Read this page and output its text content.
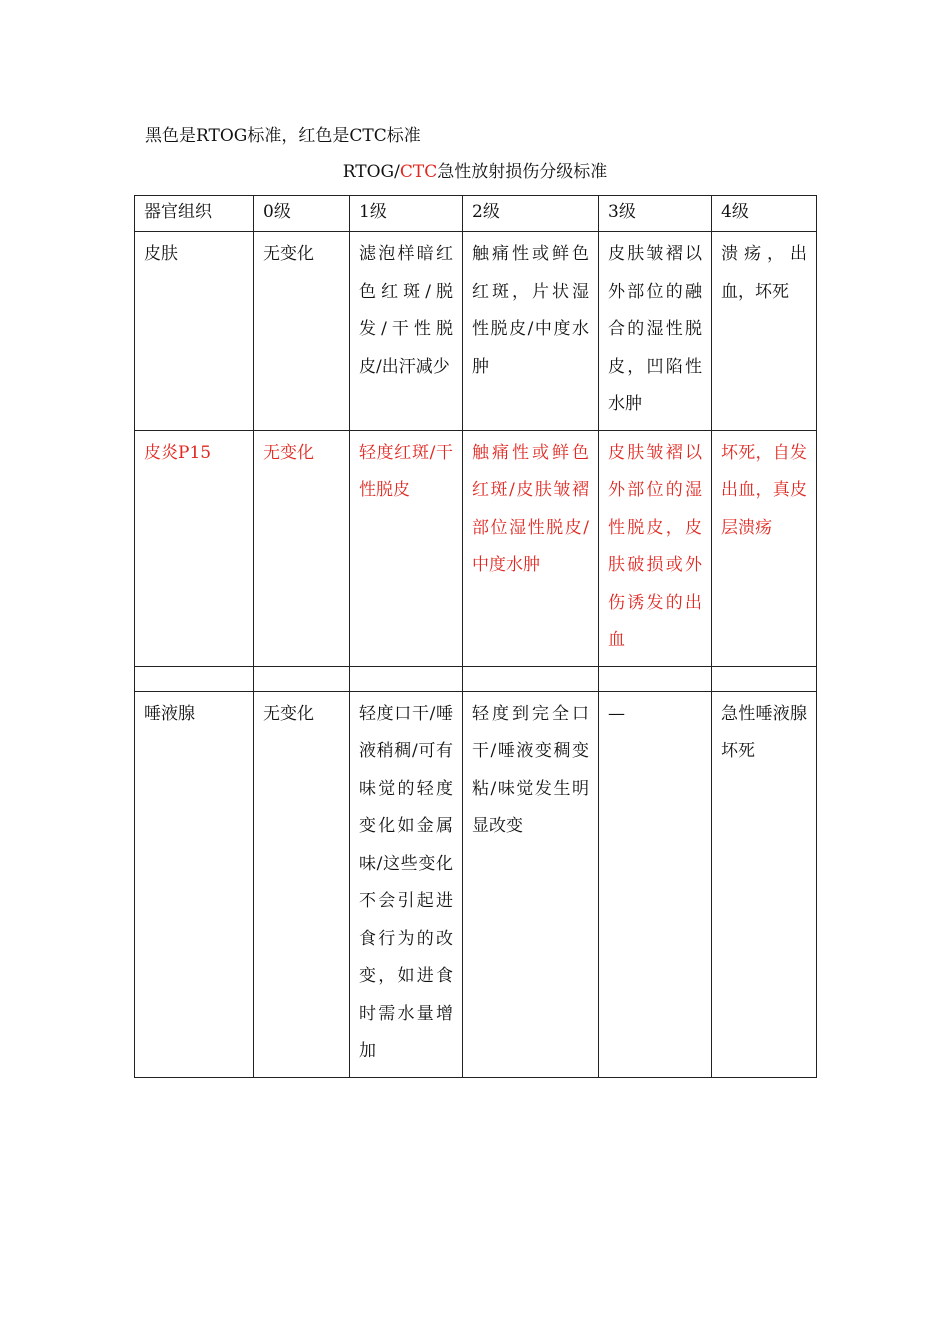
黑色是RTOG标准，红色是CTC标准
RTOG/CTC急性放射损伤分级标准
器官组织	0级	1级	2级	3级	4级
皮肤	无变化	滤泡样暗红色红斑/脱发/干性脱皮/出汗减少	触痛性或鲜色红斑，片状湿性脱皮/中度水肿	皮肤皱褶以外部位的融合的湿性脱皮，凹陷性水肿	溃疡，出血，坏死
皮炎P15	无变化	轻度红斑/干性脱皮	触痛性或鲜色红斑/皮肤皱褶部位湿性脱皮/中度水肿	皮肤皱褶以外部位的湿性脱皮，皮肤破损或外伤诱发的出血	坏死，自发出血，真皮层溃疡

唾液腺	无变化	轻度口干/唾液稍稠/可有味觉的轻度变化如金属味/这些变化不会引起进食行为的改变，如进食时需水量增加	轻度到完全口干/唾液变稠变粘/味觉发生明显改变	—	急性唾液腺坏死
